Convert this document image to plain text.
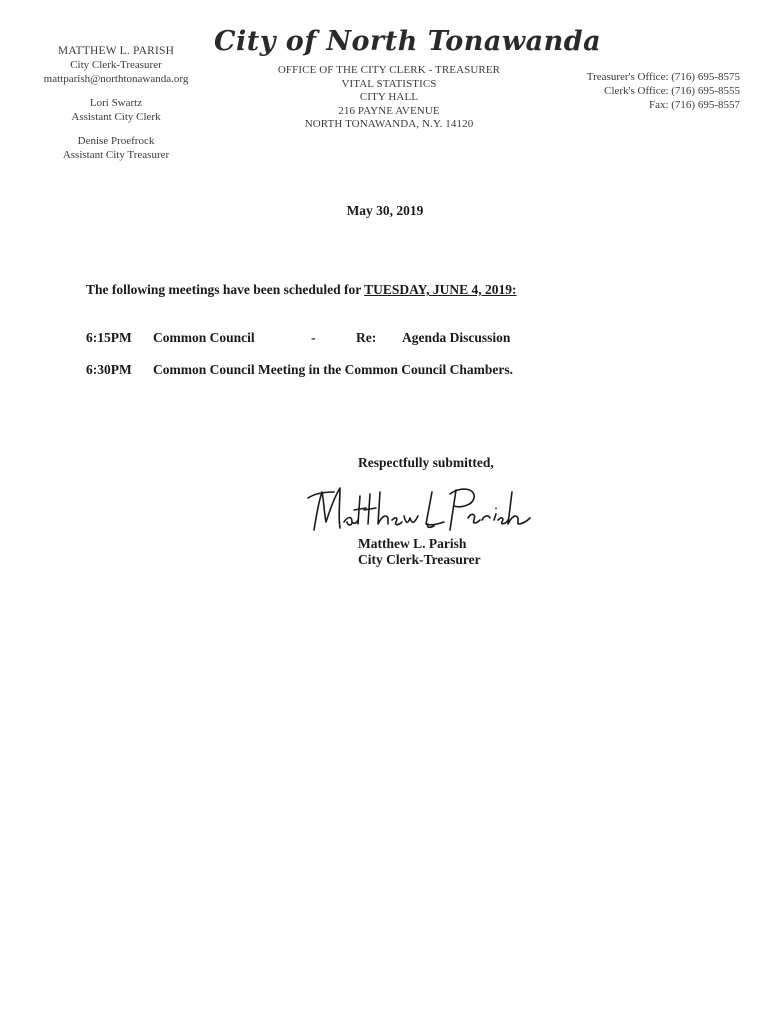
MATTHEW L. PARISH
City Clerk-Treasurer
mattparish@northtonawanda.org
Lori Swartz
Assistant City Clerk
Denise Proefrock
Assistant City Treasurer
City of North Tonawanda
OFFICE OF THE CITY CLERK - TREASURER
VITAL STATISTICS
CITY HALL
216 PAYNE AVENUE
NORTH TONAWANDA, N.Y. 14120
Treasurer's Office: (716) 695-8575
Clerk's Office: (716) 695-8555
Fax: (716) 695-8557
May 30, 2019
The following meetings have been scheduled for TUESDAY, JUNE 4, 2019:
6:15PM Common Council	-	Re: Agenda Discussion
6:30PM Common Council Meeting in the Common Council Chambers.
Respectfully submitted,
Matthew L. Parish
City Clerk-Treasurer
